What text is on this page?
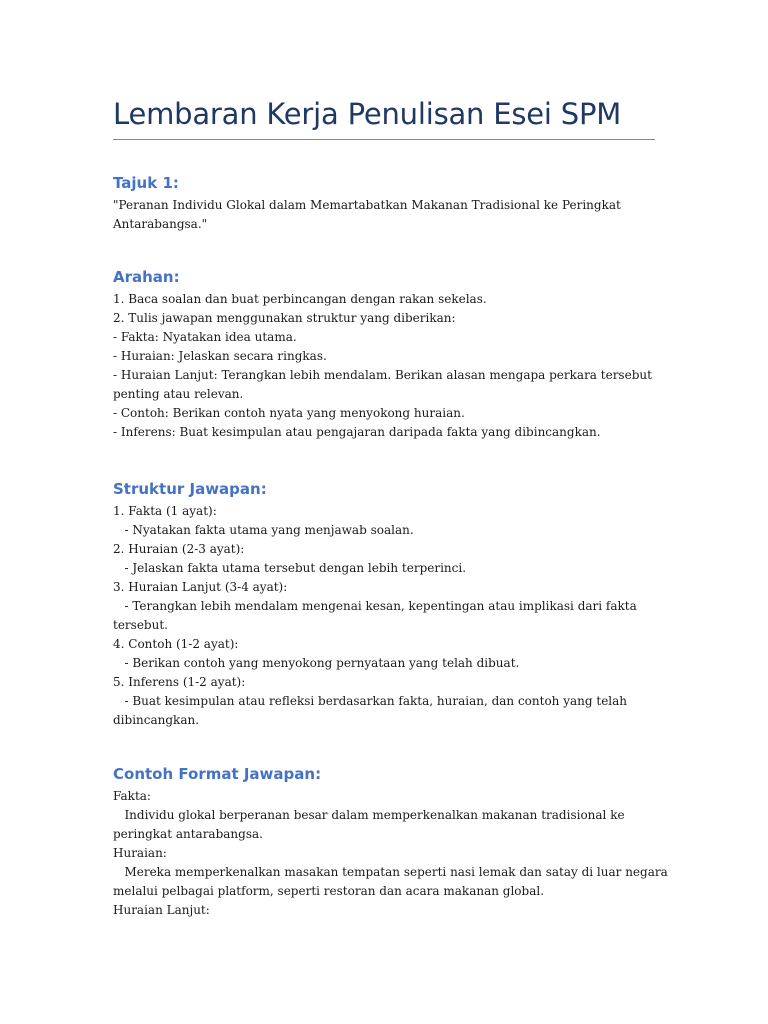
Lembaran Kerja Penulisan Esei SPM
Tajuk 1:
"Peranan Individu Glokal dalam Memartabatkan Makanan Tradisional ke Peringkat
Antarabangsa."
Arahan:
1. Baca soalan dan buat perbincangan dengan rakan sekelas.
2. Tulis jawapan menggunakan struktur yang diberikan:
- Fakta: Nyatakan idea utama.
- Huraian: Jelaskan secara ringkas.
- Huraian Lanjut: Terangkan lebih mendalam. Berikan alasan mengapa perkara tersebut
penting atau relevan.
- Contoh: Berikan contoh nyata yang menyokong huraian.
- Inferens: Buat kesimpulan atau pengajaran daripada fakta yang dibincangkan.
Struktur Jawapan:
1. Fakta (1 ayat):
- Nyatakan fakta utama yang menjawab soalan.
2. Huraian (2-3 ayat):
- Jelaskan fakta utama tersebut dengan lebih terperinci.
3. Huraian Lanjut (3-4 ayat):
- Terangkan lebih mendalam mengenai kesan, kepentingan atau implikasi dari fakta
tersebut.
4. Contoh (1-2 ayat):
- Berikan contoh yang menyokong pernyataan yang telah dibuat.
5. Inferens (1-2 ayat):
- Buat kesimpulan atau refleksi berdasarkan fakta, huraian, dan contoh yang telah
dibincangkan.
Contoh Format Jawapan:
Fakta:
Individu glokal berperanan besar dalam memperkenalkan makanan tradisional ke
peringkat antarabangsa.
Huraian:
Mereka memperkenalkan masakan tempatan seperti nasi lemak dan satay di luar negara
melalui pelbagai platform, seperti restoran dan acara makanan global.
Huraian Lanjut:
